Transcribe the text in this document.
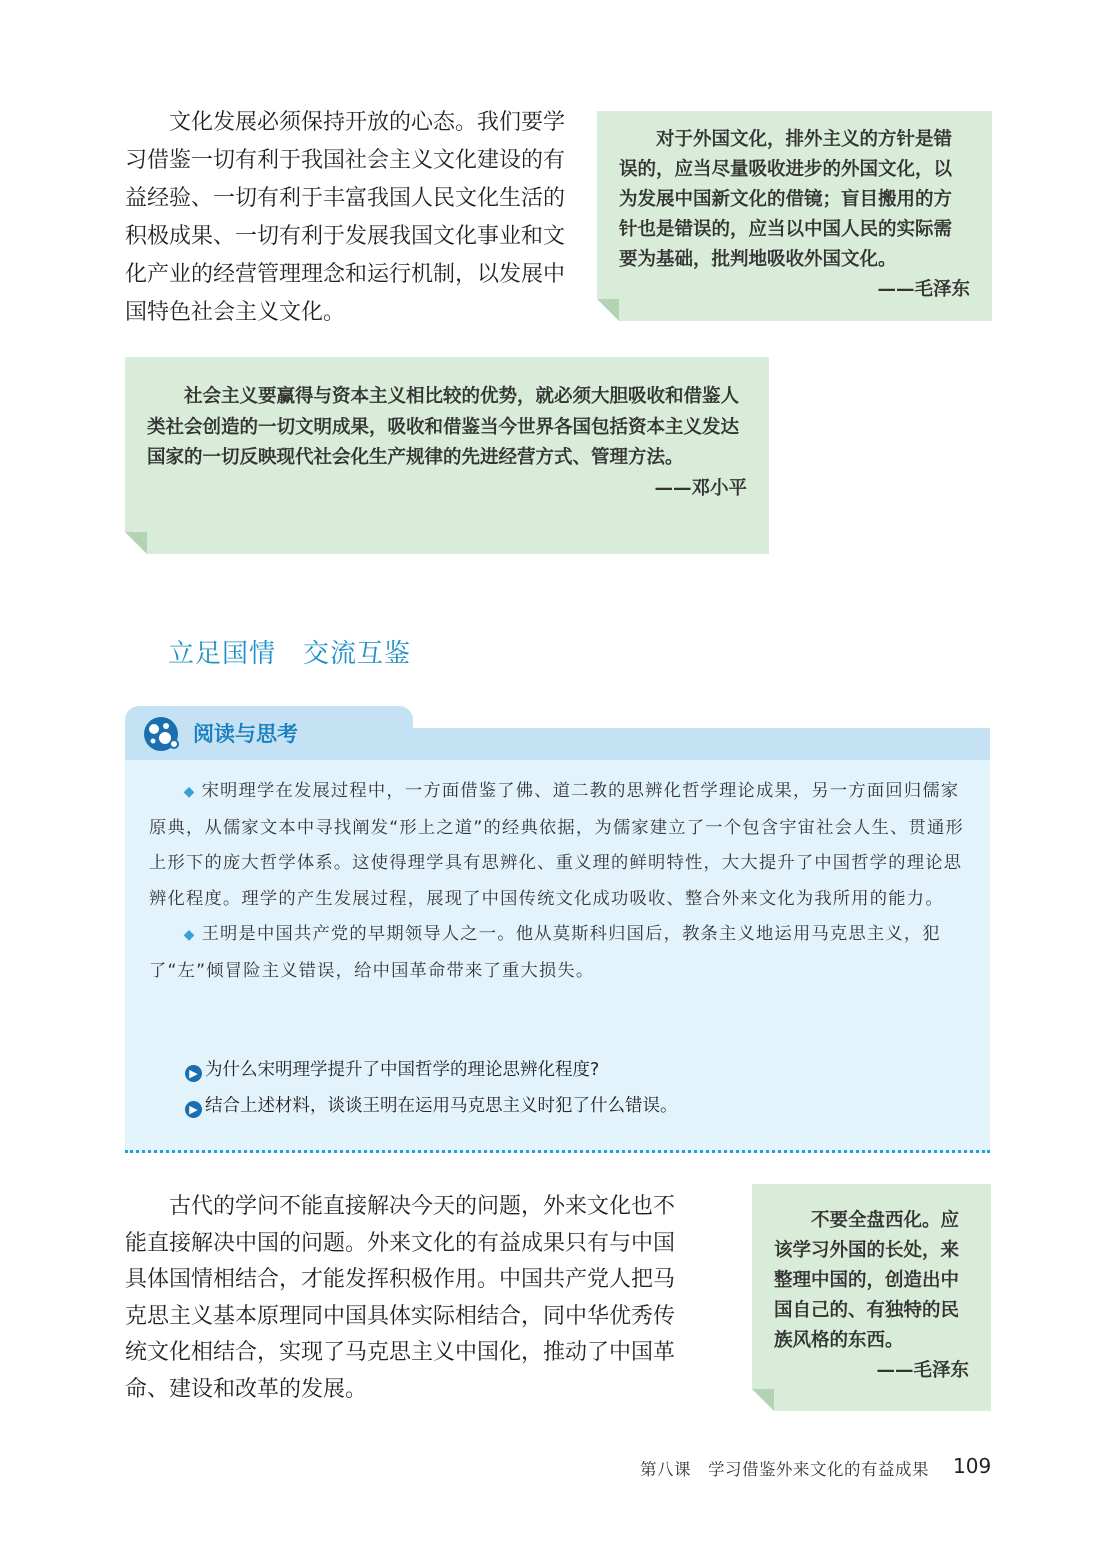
文化发展必须保持开放的心态。我们要学习借鉴一切有利于我国社会主义文化建设的有益经验、一切有利于丰富我国人民文化生活的积极成果、一切有利于发展我国文化事业和文化产业的经营管理理念和运行机制，以发展中国特色社会主义文化。

对于外国文化，排外主义的方针是错误的，应当尽量吸收进步的外国文化，以为发展中国新文化的借镜；盲目搬用的方针也是错误的，应当以中国人民的实际需要为基础，批判地吸收外国文化。

——毛泽东

社会主义要赢得与资本主义相比较的优势，就必须大胆吸收和借鉴人类社会创造的一切文明成果，吸收和借鉴当今世界各国包括资本主义发达国家的一切反映现代社会化生产规律的先进经营方式、管理方法。

——邓小平
立足国情　交流互鉴
阅读与思考

◆ 宋明理学在发展过程中，一方面借鉴了佛、道二教的思辨化哲学理论成果，另一方面回归儒家原典，从儒家文本中寻找阐发“形上之道”的经典依据，为儒家建立了一个包含宇宙社会人生、贯通形上形下的庞大哲学体系。这使得理学具有思辨化、重义理的鲜明特性，大大提升了中国哲学的理论思辨化程度。理学的产生发展过程，展现了中国传统文化成功吸收、整合外来文化为我所用的能力。

◆ 王明是中国共产党的早期领导人之一。他从莫斯科归国后，教条主义地运用马克思主义，犯了“左”倾冒险主义错误，给中国革命带来了重大损失。

▶ 为什么宋明理学提升了中国哲学的理论思辨化程度?
▶ 结合上述材料，谈谈王明在运用马克思主义时犯了什么错误。

古代的学问不能直接解决今天的问题，外来文化也不能直接解决中国的问题。外来文化的有益成果只有与中国具体国情相结合，才能发挥积极作用。中国共产党人把马克思主义基本原理同中国具体实际相结合，同中华优秀传统文化相结合，实现了马克思主义中国化，推动了中国革命、建设和改革的发展。

不要全盘西化。应该学习外国的长处，来整理中国的，创造出中国自己的、有独特的民族风格的东西。

——毛泽东
第八课　学习借鉴外来文化的有益成果 109
